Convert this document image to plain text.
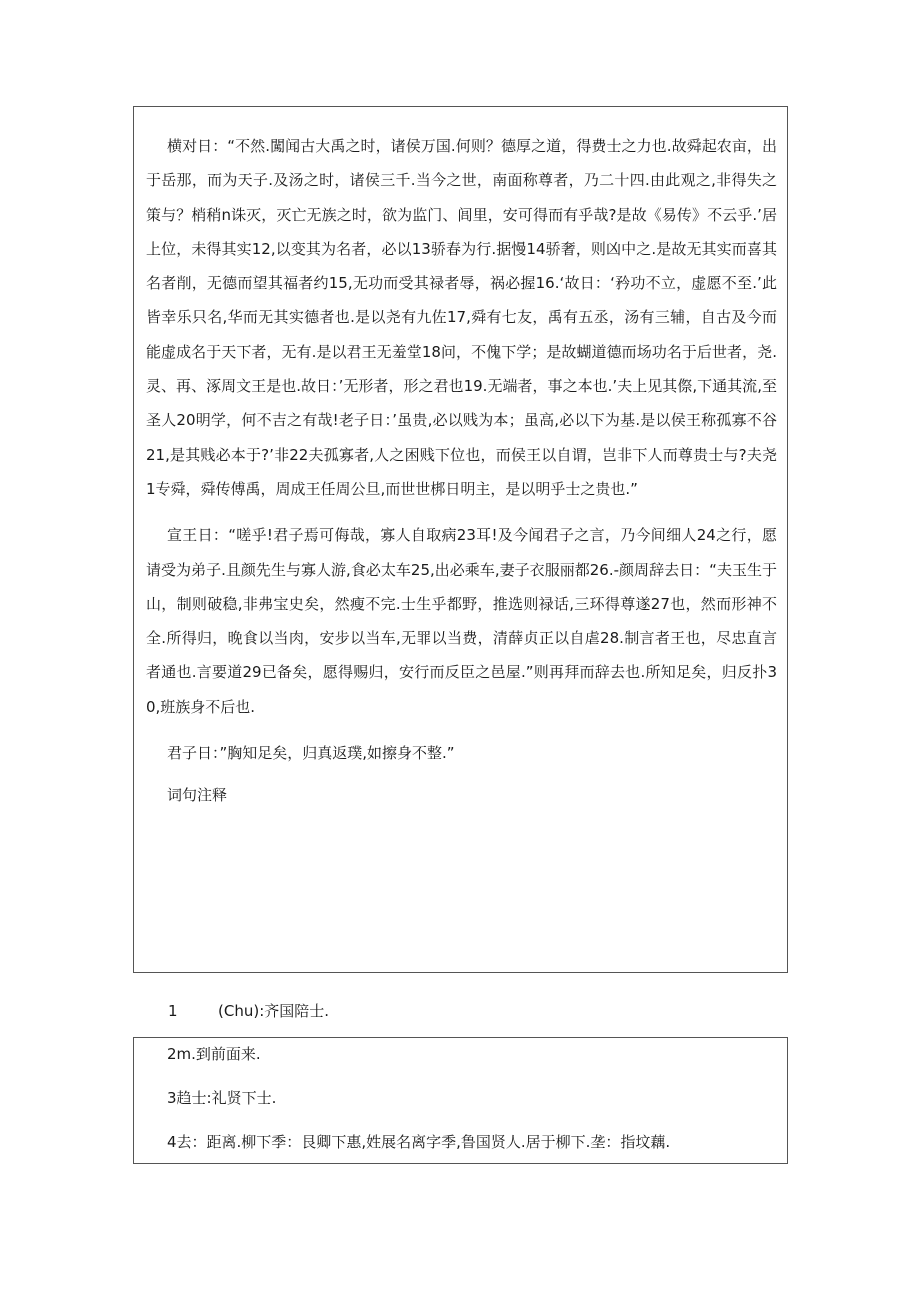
横对日：“不然.闖闻古大禹之时，诸侯万国.何则？德厚之道，得费士之力也.故舜起农亩，出于岳那，而为天子.及汤之时，诸侯三千.当今之世，南面称尊者，乃二十四.由此观之,非得失之策与？梢稍n诛灭，灭亡无族之时，欲为监门、闾里，安可得而有乎哉?是故《易传》不云乎.’居上位，未得其实12,以变其为名者，必以13骄春为行.据慢14骄奢，则凶中之.是故无其实而喜其名者削，无德而望其福者约15,无功而受其禄者辱，祸必握16.‘故日：‘矜功不立，虚愿不至.’此皆幸乐只名,华而无其实德者也.是以尧有九佐17,舜有七友，禹有五丞，汤有三辅，自古及今而能虚成名于天下者，无有.是以君王无羞堂18问，不傀下学；是故蝴道德而场功名于后世者，尧.灵、再、涿周文王是也.故日：’无形者，形之君也19.无端者，事之本也.’夫上见其傺,下通其流,至圣人20明学，何不吉之有哉!老子日：’虽贵,必以贱为本；虽高,必以下为基.是以侯王称孤寡不谷21,是其贱必本于?’非22夫孤寡者,人之困贱下位也，而侯王以自谓，岂非下人而尊贵士与?夫尧1专舜，舜传傅禹，周成王任周公旦,而世世梆日明主，是以明乎士之贵也.”

宣王日：“嗟乎!君子焉可侮哉，寡人自取病23耳!及今闻君子之言，乃今间细人24之行，愿请受为弟子.且颜先生与寡人游,食必太车25,出必乘车,妻子衣服丽都26.-颜周辞去日：“夫玉生于山，制则破稳,非弗宝史矣，然瘦不完.士生乎都野，推选则禄话,三环得尊遂27也，然而形神不全.所得归，晚食以当肉，安步以当车,无罪以当费，清薛贞正以自虐28.制言者王也，尽忠直言者通也.言要道29已备矣，愿得赐归，安行而反臣之邑屋.”则再拜而辞去也.所知足矣，归反扑30,班族身不后也.

君子日：”胸知足矣，归真返璞,如擦身不整.”

词句注释

1	(Chu):齐国陪士.

2m.到前面来.

3趋士:礼贤下士.

4去：距离.柳下季：艮卿下惠,姓展名离字季,鲁国贤人.居于柳下.垄：指坟藕.
